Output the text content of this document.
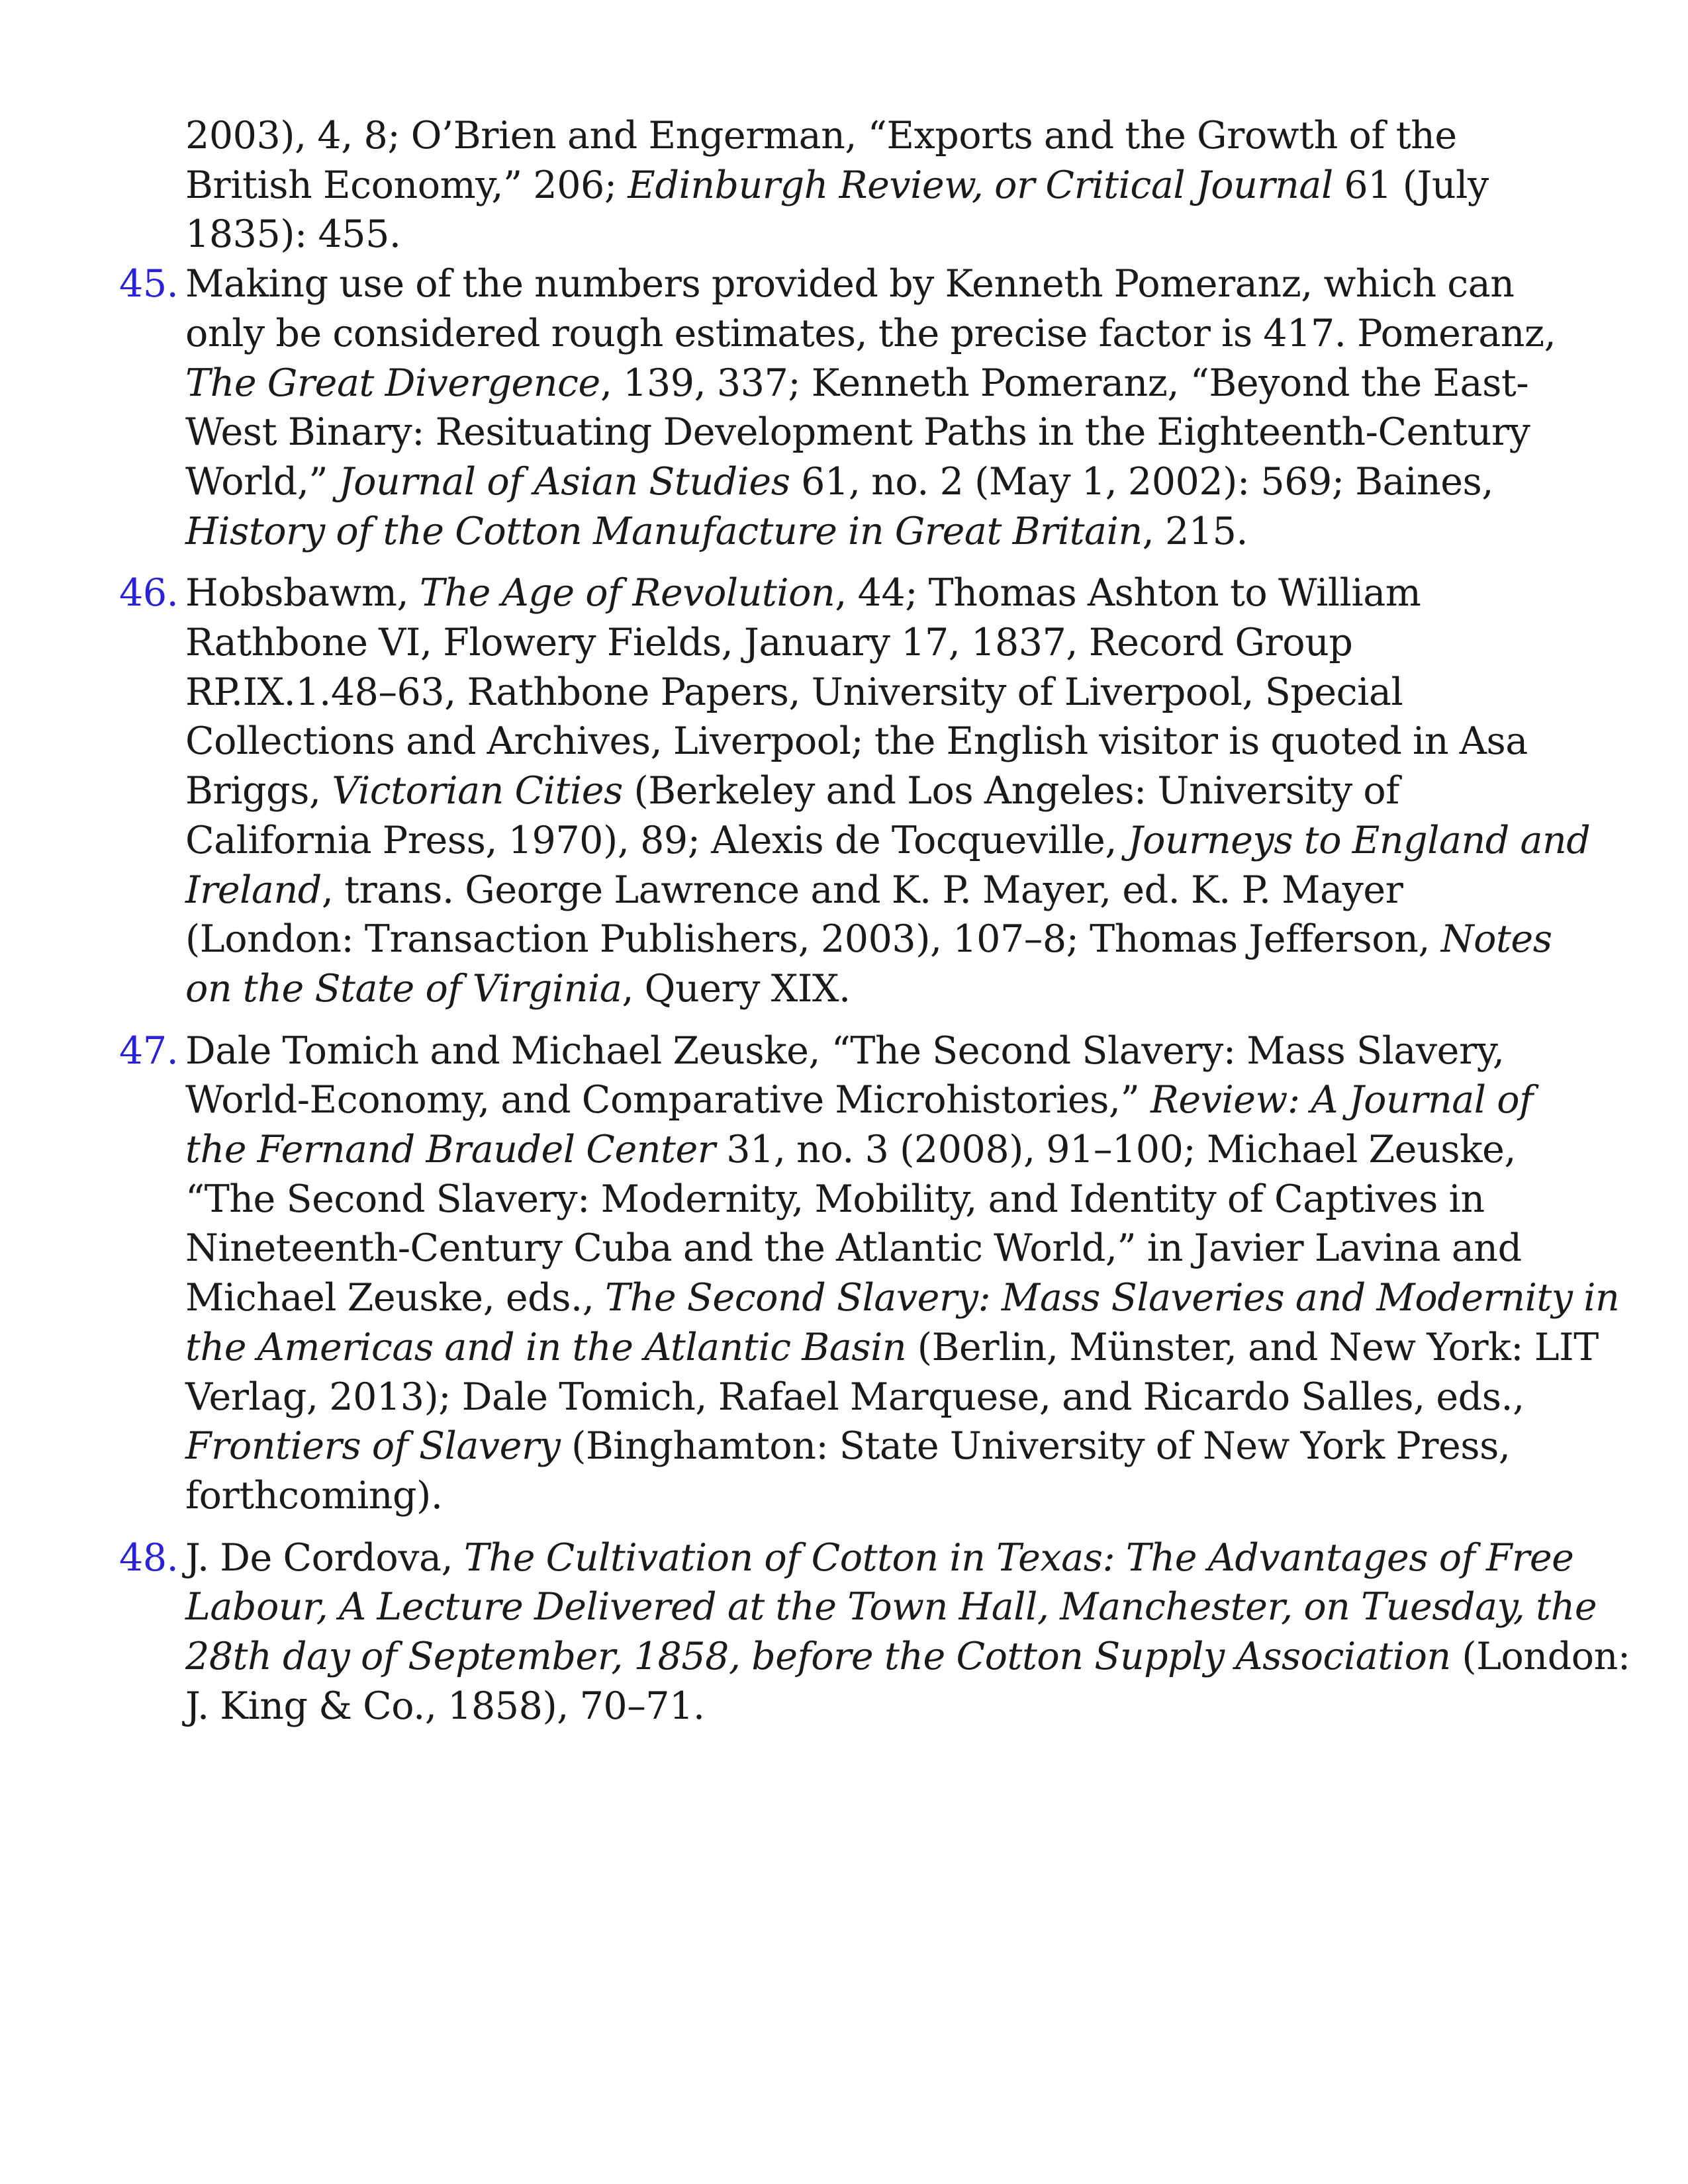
2003), 4, 8; O’Brien and Engerman, “Exports and the Growth of the
British Economy,” 206; Edinburgh Review, or Critical Journal 61 (July
1835): 455.
45. Making use of the numbers provided by Kenneth Pomeranz, which can
only be considered rough estimates, the precise factor is 417. Pomeranz,
The Great Divergence, 139, 337; Kenneth Pomeranz, “Beyond the East-
West Binary: Resituating Development Paths in the Eighteenth-Century
World,” Journal of Asian Studies 61, no. 2 (May 1, 2002): 569; Baines,
History of the Cotton Manufacture in Great Britain, 215.
46. Hobsbawm, The Age of Revolution, 44; Thomas Ashton to William
Rathbone VI, Flowery Fields, January 17, 1837, Record Group
RP.IX.1.48–63, Rathbone Papers, University of Liverpool, Special
Collections and Archives, Liverpool; the English visitor is quoted in Asa
Briggs, Victorian Cities (Berkeley and Los Angeles: University of
California Press, 1970), 89; Alexis de Tocqueville, Journeys to England and
Ireland, trans. George Lawrence and K. P. Mayer, ed. K. P. Mayer
(London: Transaction Publishers, 2003), 107–8; Thomas Jefferson, Notes
on the State of Virginia, Query XIX.
47. Dale Tomich and Michael Zeuske, “The Second Slavery: Mass Slavery,
World-Economy, and Comparative Microhistories,” Review: A Journal of
the Fernand Braudel Center 31, no. 3 (2008), 91–100; Michael Zeuske,
“The Second Slavery: Modernity, Mobility, and Identity of Captives in
Nineteenth-Century Cuba and the Atlantic World,” in Javier Lavina and
Michael Zeuske, eds., The Second Slavery: Mass Slaveries and Modernity in
the Americas and in the Atlantic Basin (Berlin, Münster, and New York: LIT
Verlag, 2013); Dale Tomich, Rafael Marquese, and Ricardo Salles, eds.,
Frontiers of Slavery (Binghamton: State University of New York Press,
forthcoming).
48. J. De Cordova, The Cultivation of Cotton in Texas: The Advantages of Free
Labour, A Lecture Delivered at the Town Hall, Manchester, on Tuesday, the
28th day of September, 1858, before the Cotton Supply Association (London:
J. King & Co., 1858), 70–71.
